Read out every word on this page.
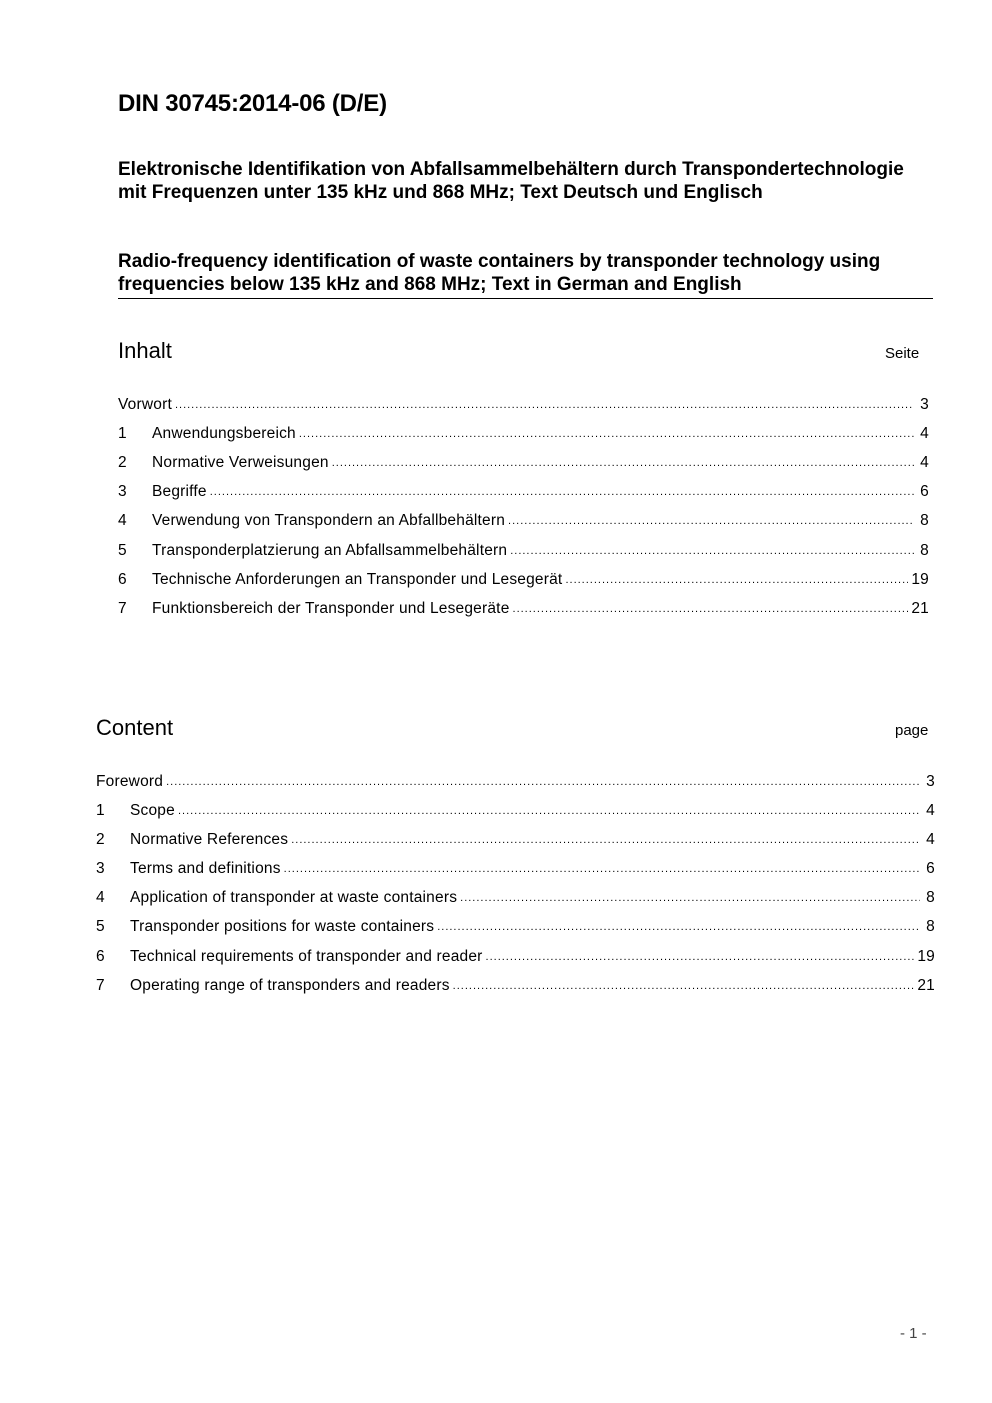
DIN 30745:2014-06 (D/E)
Elektronische Identifikation von Abfallsammelbehältern durch Transpondertechnologie mit Frequenzen unter 135 kHz und 868 MHz; Text Deutsch und Englisch
Radio-frequency identification of waste containers by transponder technology using frequencies below 135 kHz and 868 MHz; Text in German and English
Inhalt	Seite
Vorwort .....	3
1	Anwendungsbereich .....	4
2	Normative Verweisungen .....	4
3	Begriffe .....	6
4	Verwendung von Transpondern an Abfallbehältern .....	8
5	Transponderplatzierung an Abfallsammelbehältern .....	8
6	Technische Anforderungen an Transponder und Lesegerät .....	19
7	Funktionsbereich der Transponder und Lesegeräte .....	21
Content	page
Foreword .....	3
1	Scope .....	4
2	Normative References .....	4
3	Terms and definitions .....	6
4	Application of transponder at waste containers .....	8
5	Transponder positions for waste containers .....	8
6	Technical requirements of transponder and reader .....	19
7	Operating range of transponders and readers .....	21
- 1 -
